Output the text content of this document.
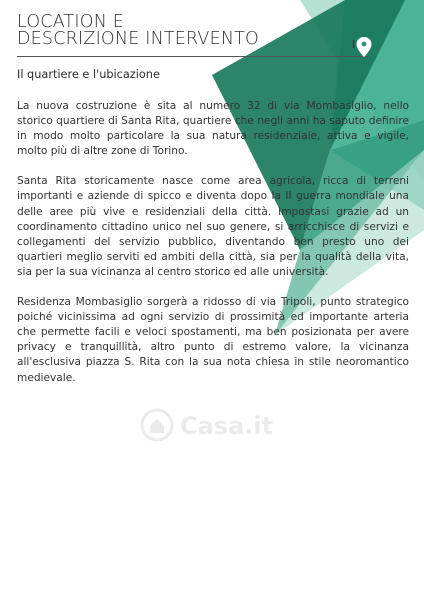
LOCATION E
DESCRIZIONE INTERVENTO	I
Il quartiere e l'ubicazione

La nuova costruzione è sita al numero 32 di via Mombasiglio, nello storico quartiere di Santa Rita, quartiere che negli anni ha saputo definire in modo molto particolare la sua natura residenziale, attiva e vigile, molto più di altre zone di Torino.

Santa Rita storicamente nasce come area agricola, ricca di terreni importanti e aziende di spicco e diventa dopo la II guerra mondiale una delle aree più vive e residenziali della città. Impostasi grazie ad un coordinamento cittadino unico nel suo genere, si arricchisce di servizi e collegamenti del servizio pubblico, diventando ben presto uno dei quartieri meglio serviti ed ambiti della città, sia per la qualità della vita, sia per la sua vicinanza al centro storico ed alle università.

Residenza Mombasiglio sorgerà a ridosso di via Tripoli, punto strategico poiché vicinissima ad ogni servizio di prossimità ed importante arteria che permette facili e veloci spostamenti, ma ben posizionata per avere privacy e tranquillità, altro punto di estremo valore, la vicinanza all'esclusiva piazza S. Rita con la sua nota chiesa in stile neoromantico medievale.

Casa.it
